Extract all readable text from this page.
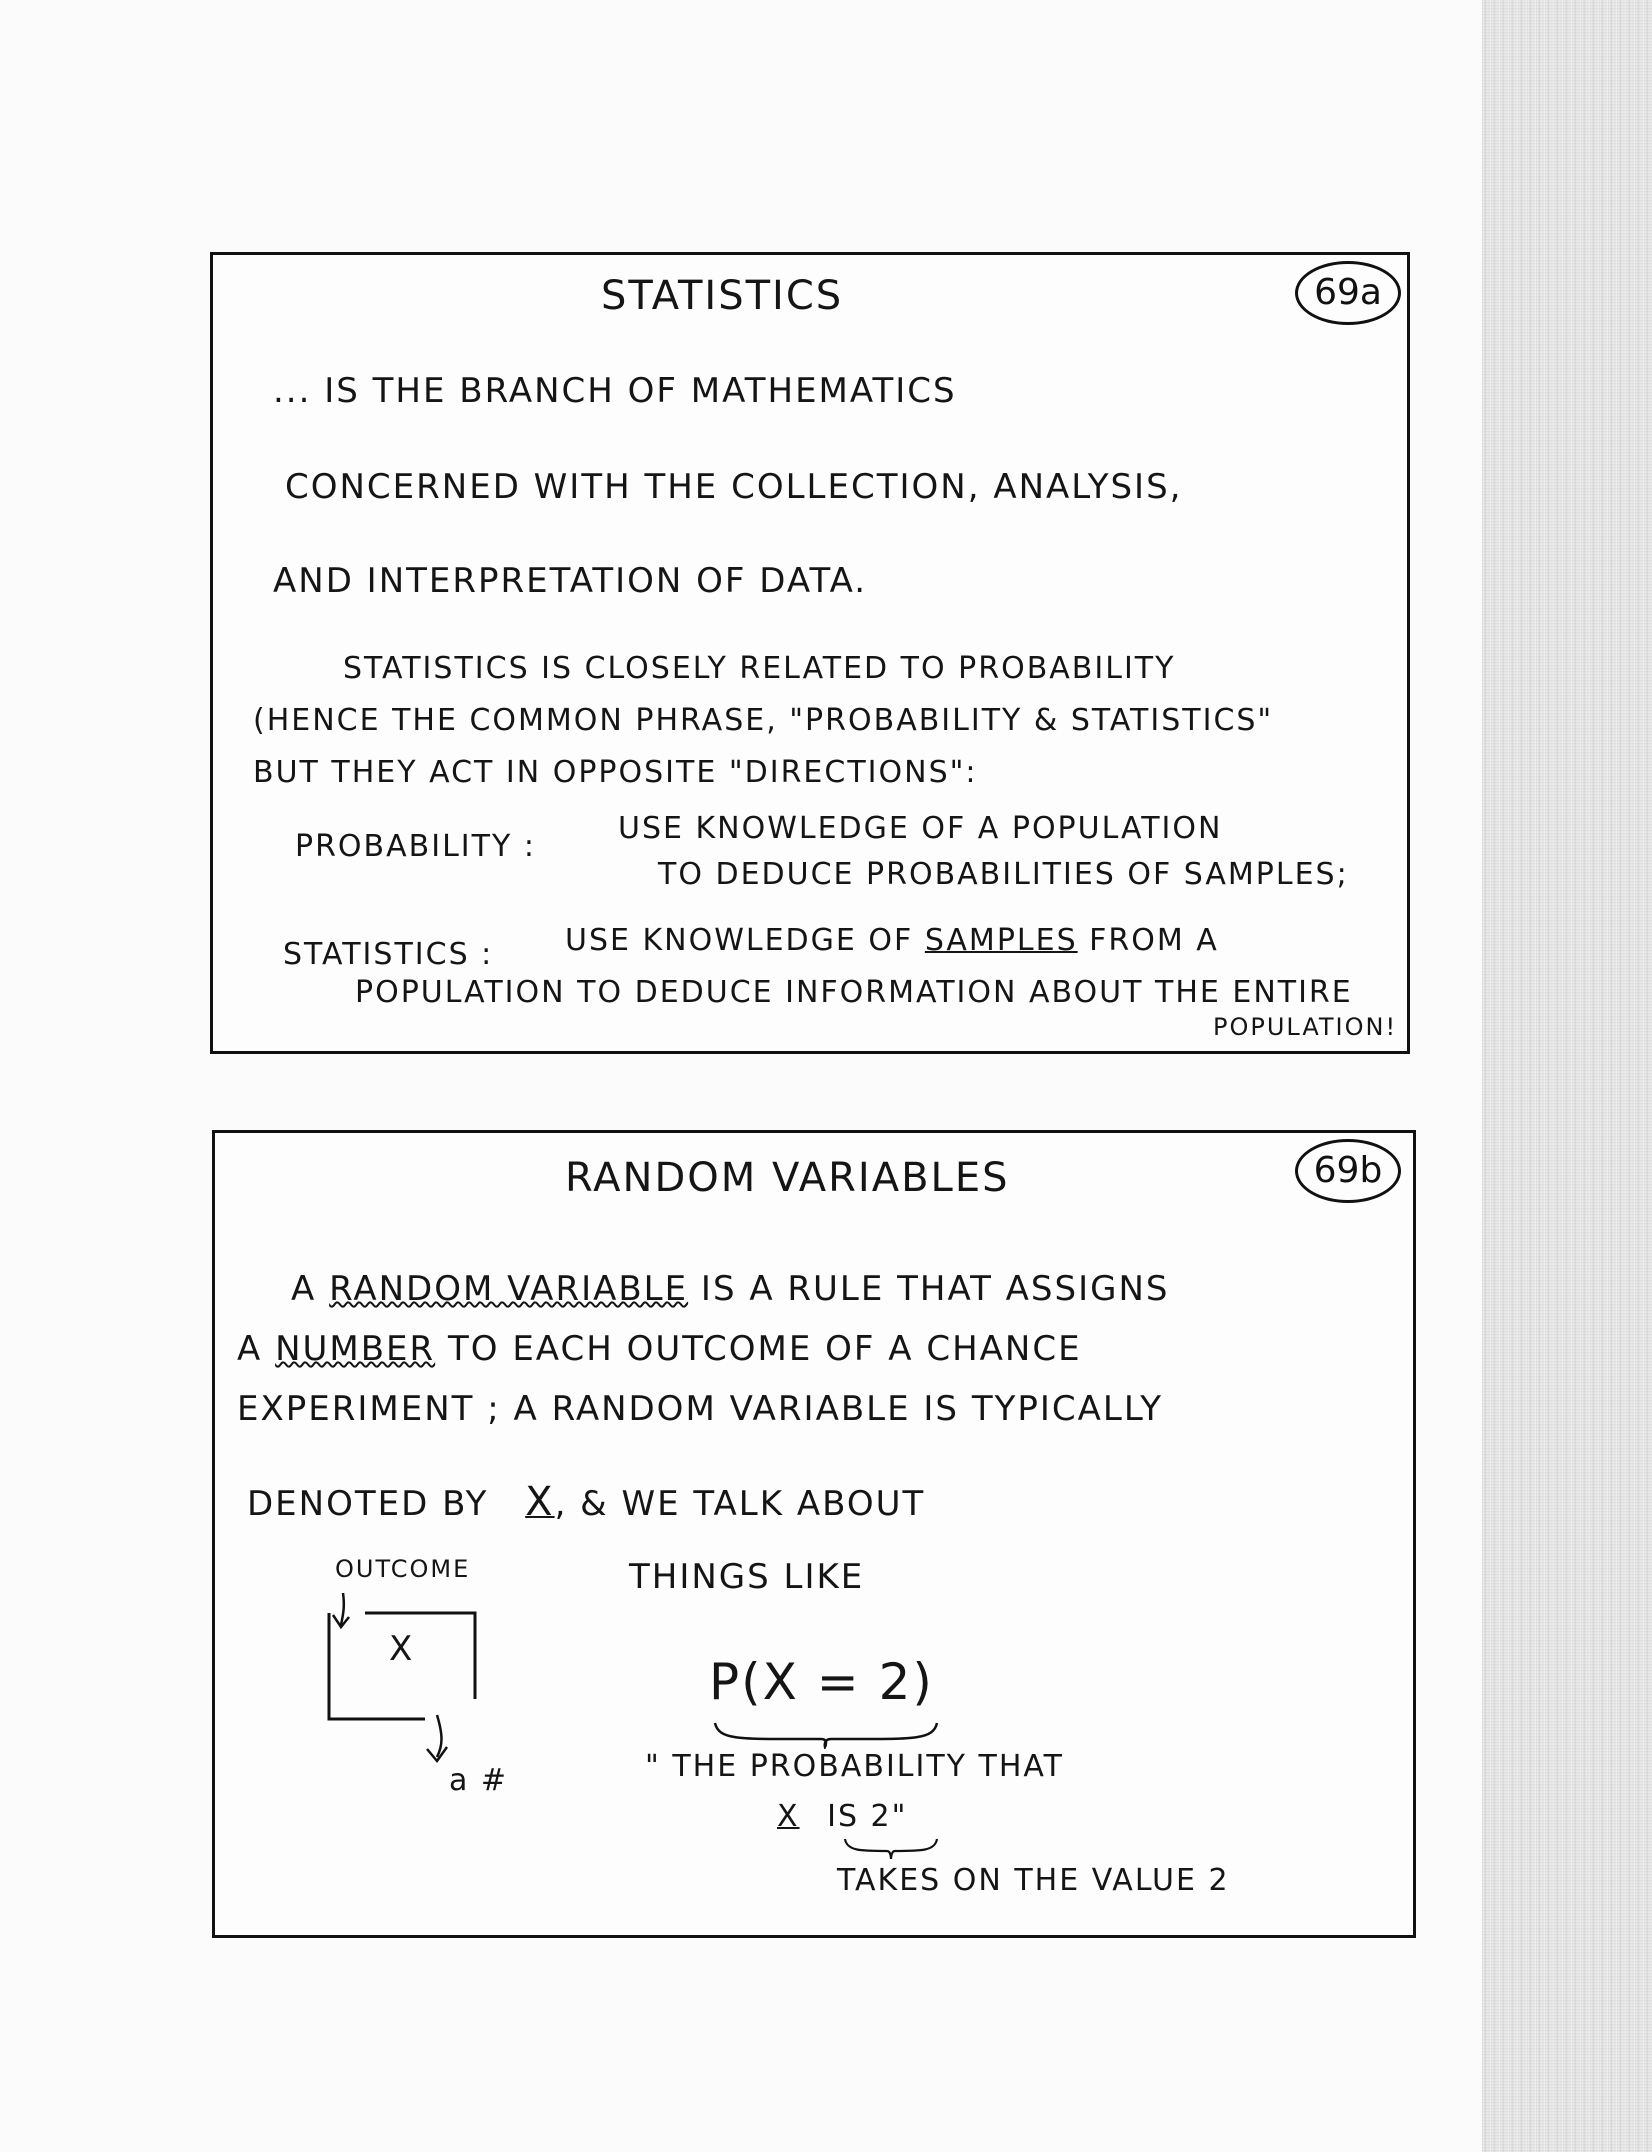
STATISTICS	69a
... IS THE BRANCH OF MATHEMATICS
CONCERNED WITH THE COLLECTION, ANALYSIS,
AND INTERPRETATION OF DATA.
STATISTICS IS CLOSELY RELATED TO PROBABILITY
(HENCE THE COMMON PHRASE, "PROBABILITY & STATISTICS"
BUT THEY ACT IN OPPOSITE "DIRECTIONS":
PROBABILITY :
USE KNOWLEDGE OF A POPULATION
TO DEDUCE PROBABILITIES OF SAMPLES;
STATISTICS : USE KNOWLEDGE OF SAMPLES FROM A
POPULATION TO DEDUCE INFORMATION ABOUT THE ENTIRE
POPULATION!
RANDOM VARIABLES	69b
A RANDOM VARIABLE IS A RULE THAT ASSIGNS
A NUMBER TO EACH OUTCOME OF A CHANCE
EXPERIMENT ; A RANDOM VARIABLE IS TYPICALLY
DENOTED BY X, & WE TALK ABOUT
THINGS LIKE
OUTCOME
X
a #
P(X = 2)
" THE PROBABILITY THAT
X IS 2"
TAKES ON THE VALUE 2
